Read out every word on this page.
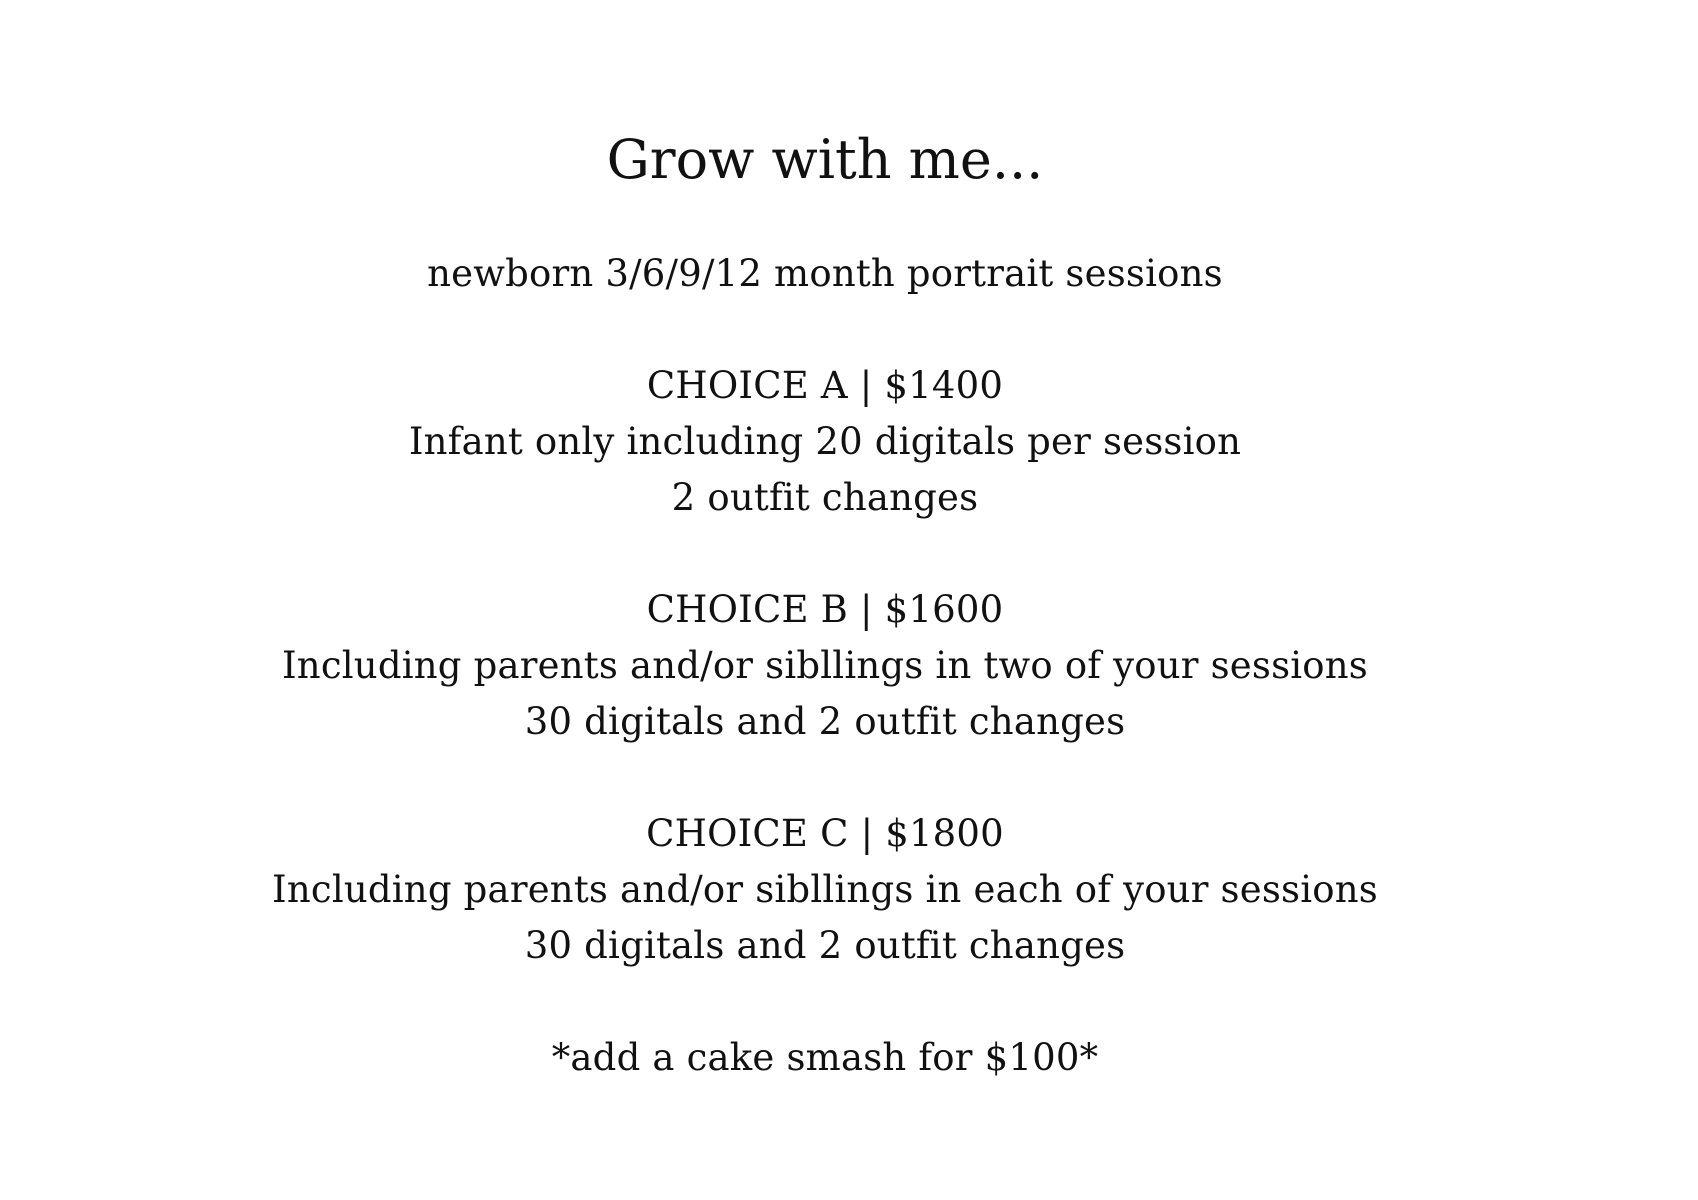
Grow with me...
newborn 3/6/9/12 month portrait sessions
CHOICE A | $1400
Infant only including 20 digitals per session
2 outfit changes
CHOICE B | $1600
Including parents and/or sibllings in two of your sessions
30 digitals and 2 outfit changes
CHOICE C | $1800
Including parents and/or sibllings in each of your sessions
30 digitals and 2 outfit changes
*add a cake smash for $100*
